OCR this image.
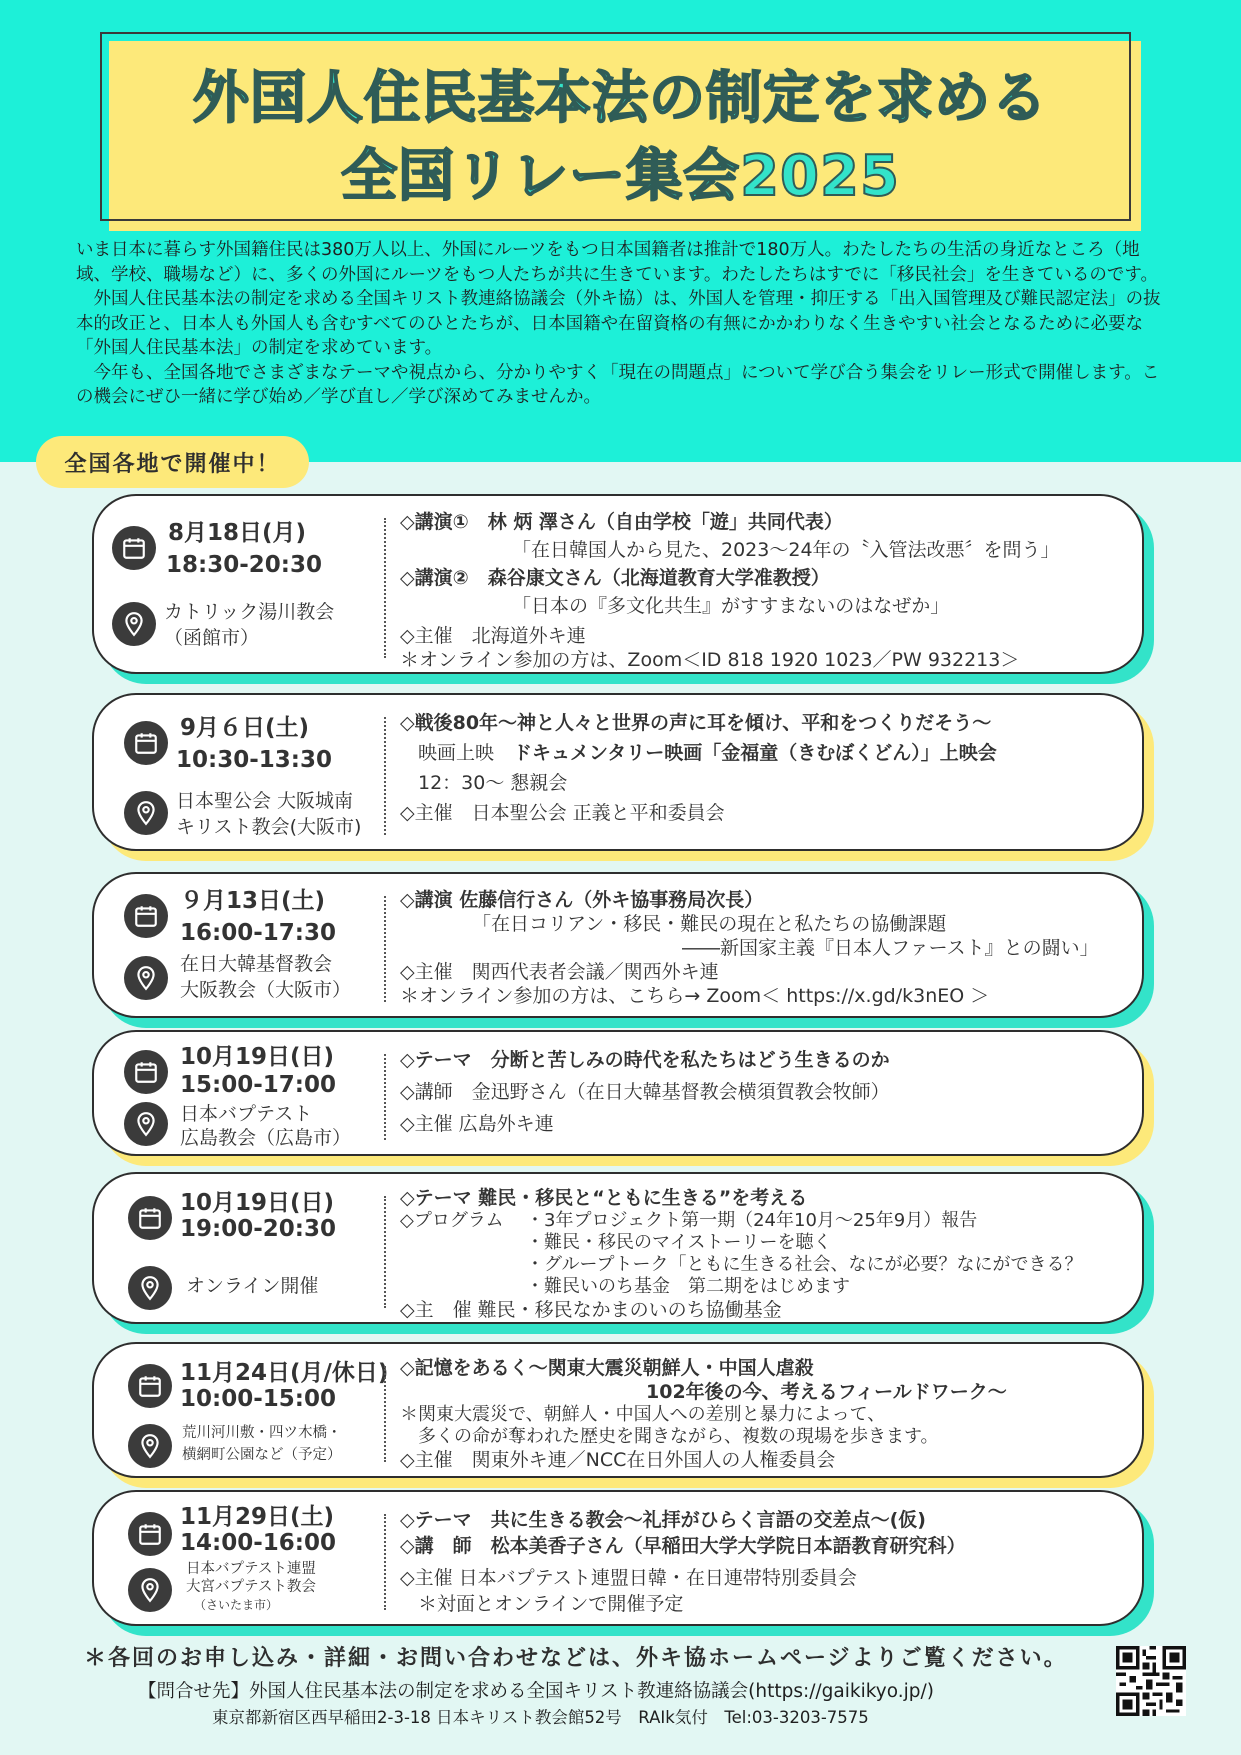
外国人住民基本法の制定を求める
全国リレー集会2025

いま日本に暮らす外国籍住民は380万人以上、外国にルーツをもつ日本国籍者は推計で180万人。わたしたちの生活の身近なところ（地域、学校、職場など）に、多くの外国にルーツをもつ人たちが共に生きています。わたしたちはすでに「移民社会」を生きているのです。

外国人住民基本法の制定を求める全国キリスト教連絡協議会（外キ協）は、外国人を管理・抑圧する「出入国管理及び難民認定法」の抜本的改正と、日本人も外国人も含むすべてのひとたちが、日本国籍や在留資格の有無にかかわりなく生きやすい社会となるために必要な「外国人住民基本法」の制定を求めています。

今年も、全国各地でさまざまなテーマや視点から、分かりやすく「現在の問題点」について学び合う集会をリレー形式で開催します。この機会にぜひ一緒に学び始め／学び直し／学び深めてみませんか。

全国各地で開催中！
8月18日(月)
18:30-20:30
カトリック湯川教会
（函館市）
◇講演①　林 炳 澤さん（自由学校「遊」共同代表）
「在日韓国人から見た、2023～24年の〝入管法改悪〞を問う」
◇講演②　森谷康文さん（北海道教育大学准教授）
「日本の『多文化共生』がすすまないのはなぜか」
◇主催　北海道外キ連
＊オンライン参加の方は、Zoom＜ID 818 1920 1023／PW 932213＞
9月６日(土)
10:30-13:30
日本聖公会 大阪城南
キリスト教会(大阪市)
◇戦後80年～神と人々と世界の声に耳を傾け、平和をつくりだそう～
映画上映　ドキュメンタリー映画「金福童（きむぼくどん）」上映会
12：30～ 懇親会
◇主催　日本聖公会 正義と平和委員会
９月13日(土)
16:00-17:30
在日大韓基督教会
大阪教会（大阪市）
◇講演 佐藤信行さん（外キ協事務局次長）
「在日コリアン・移民・難民の現在と私たちの協働課題
――新国家主義『日本人ファースト』との闘い」
◇主催　関西代表者会議／関西外キ連
＊オンライン参加の方は、こちら→ Zoom＜ https://x.gd/k3nEO ＞
10月19日(日)
15:00-17:00
日本バプテスト
広島教会（広島市）
◇テーマ　分断と苦しみの時代を私たちはどう生きるのか
◇講師　金迅野さん（在日大韓基督教会横須賀教会牧師）
◇主催 広島外キ連
10月19日(日)
19:00-20:30
オンライン開催
◇テーマ 難民・移民と“ともに生きる”を考える
◇プログラム ・3年プロジェクト第一期（24年10月～25年9月）報告
・難民・移民のマイストーリーを聴く
・グループトーク「ともに生きる社会、なにが必要？なにができる？
・難民いのち基金　第二期をはじめます
◇主　催 難民・移民なかまのいのち協働基金
11月24日(月/休日)
10:00-15:00
荒川河川敷・四ツ木橋・
横網町公園など（予定）
◇記憶をあるく～関東大震災朝鮮人・中国人虐殺
102年後の今、考えるフィールドワーク～
＊関東大震災で、朝鮮人・中国人への差別と暴力によって、
多くの命が奪われた歴史を聞きながら、複数の現場を歩きます。
◇主催　関東外キ連／NCC在日外国人の人権委員会
11月29日(土)
14:00-16:00
日本バプテスト連盟
大宮バプテスト教会
（さいたま市）
◇テーマ　共に生きる教会～礼拝がひらく言語の交差点～(仮)
◇講　師　松本美香子さん（早稲田大学大学院日本語教育研究科）
◇主催 日本バプテスト連盟日韓・在日連帯特別委員会
＊対面とオンラインで開催予定
＊各回のお申し込み・詳細・お問い合わせなどは、外キ協ホームページよりご覧ください。
【問合せ先】外国人住民基本法の制定を求める全国キリスト教連絡協議会(https://gaikikyo.jp/)
東京都新宿区西早稲田2-3-18 日本キリスト教会館52号　RAIk気付　Tel:03-3203-7575
